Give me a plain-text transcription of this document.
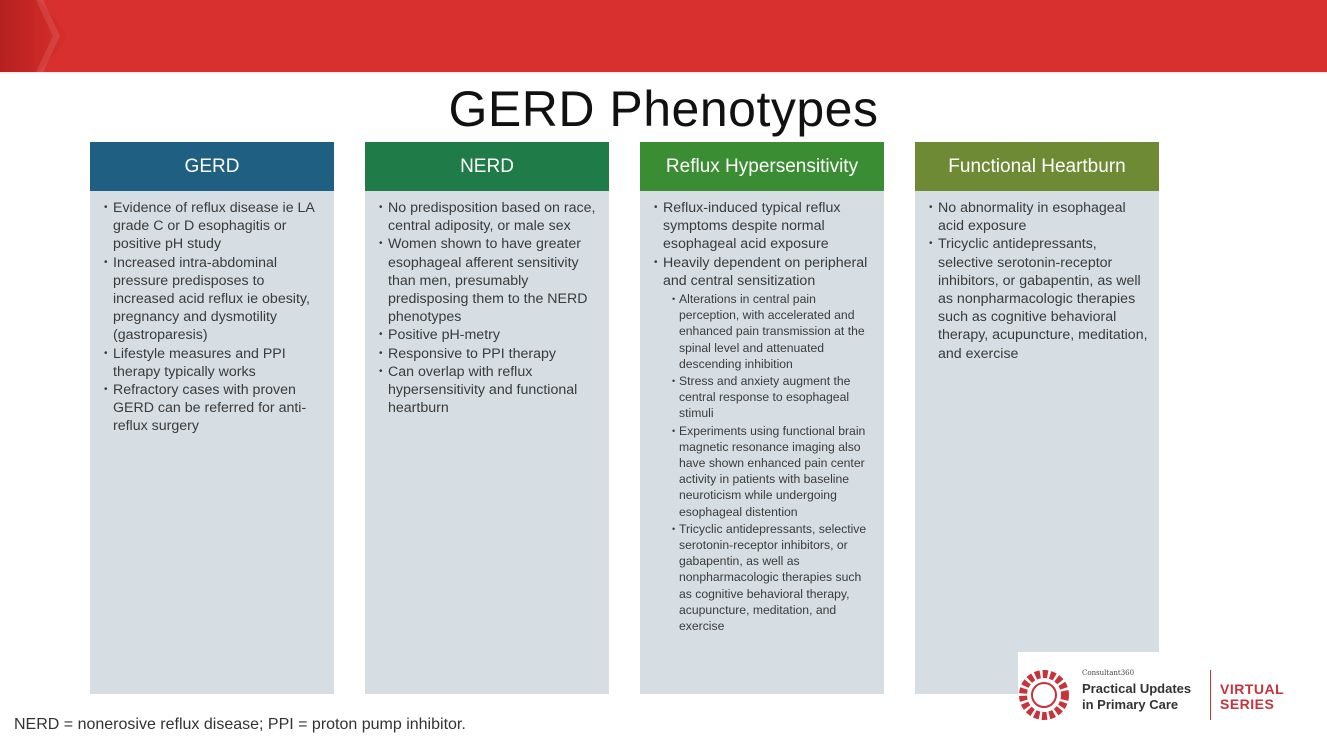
GERD Phenotypes
GERD
• Evidence of reflux disease ie LA grade C or D esophagitis or positive pH study
• Increased intra-abdominal pressure predisposes to increased acid reflux ie obesity, pregnancy and dysmotility (gastroparesis)
• Lifestyle measures and PPI therapy typically works
• Refractory cases with proven GERD can be referred for anti-reflux surgery
NERD
• No predisposition based on race, central adiposity, or male sex
• Women shown to have greater esophageal afferent sensitivity than men, presumably predisposing them to the NERD phenotypes
• Positive pH-metry
• Responsive to PPI therapy
• Can overlap with reflux hypersensitivity and functional heartburn
Reflux Hypersensitivity
• Reflux-induced typical reflux symptoms despite normal esophageal acid exposure
• Heavily dependent on peripheral and central sensitization
• Alterations in central pain perception, with accelerated and enhanced pain transmission at the spinal level and attenuated descending inhibition
• Stress and anxiety augment the central response to esophageal stimuli
• Experiments using functional brain magnetic resonance imaging also have shown enhanced pain center activity in patients with baseline neuroticism while undergoing esophageal distention
• Tricyclic antidepressants, selective serotonin-receptor inhibitors, or gabapentin, as well as nonpharmacologic therapies such as cognitive behavioral therapy, acupuncture, meditation, and exercise
Functional Heartburn
• No abnormality in esophageal acid exposure
• Tricyclic antidepressants, selective serotonin-receptor inhibitors, or gabapentin, as well as nonpharmacologic therapies such as cognitive behavioral therapy, acupuncture, meditation, and exercise

NERD = nonerosive reflux disease; PPI = proton pump inhibitor.

Consultant360
Practical Updates
in Primary Care
VIRTUAL
SERIES
